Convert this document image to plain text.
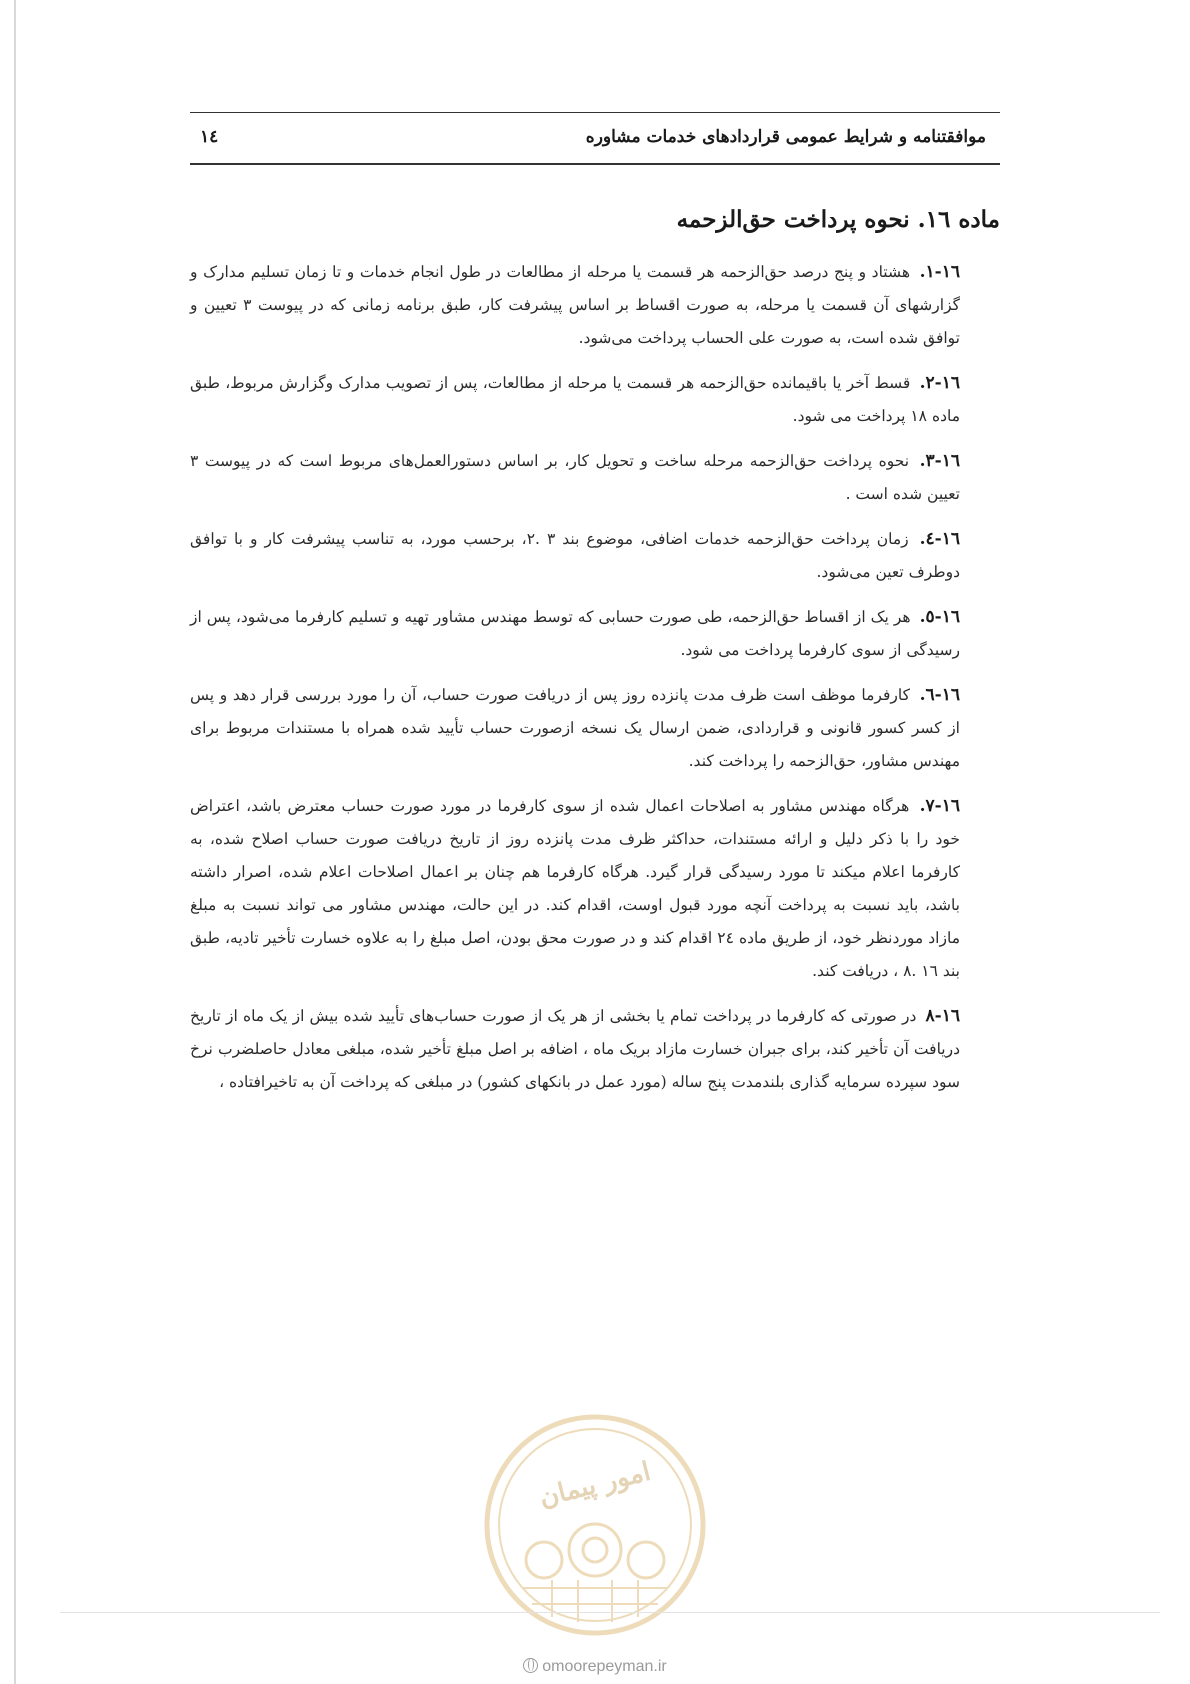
موافقتنامه و شرایط عمومی قراردادهای خدمات مشاوره
١٤
ماده ١٦. نحوه پرداخت حق‌الزحمه

١٦-١. هشتاد و پنج درصد حق‌الزحمه هر قسمت یا مرحله از مطالعات در طول انجام خدمات و تا زمان تسلیم مدارک و گزارشهای آن قسمت یا مرحله، به صورت اقساط بر اساس پیشرفت کار، طبق برنامه زمانی که در پیوست ٣ تعیین و توافق شده است، به صورت علی الحساب پرداخت می‌شود.

١٦-٢. قسط آخر یا باقیمانده حق‌الزحمه هر قسمت یا مرحله از مطالعات، پس از تصویب مدارک وگزارش مربوط، طبق ماده ١٨ پرداخت می شود.

١٦-٣. نحوه پرداخت حق‌الزحمه مرحله ساخت و تحویل کار، بر اساس دستورالعمل‌های مربوط است که در پیوست ٣ تعیین شده است .

١٦-٤. زمان پرداخت حق‌الزحمه خدمات اضافی، موضوع بند ٣ .٢، برحسب مورد، به تناسب پیشرفت کار و با توافق دوطرف تعین می‌شود.

١٦-٥. هر یک از اقساط حق‌الزحمه، طی صورت حسابی که توسط مهندس مشاور تهیه و تسلیم کارفرما می‌شود، پس از رسیدگی از سوی کارفرما پرداخت می شود.

١٦-٦. کارفرما موظف است ظرف مدت پانزده روز پس از دریافت صورت حساب، آن را مورد بررسی قرار دهد و پس از کسر کسور قانونی و قراردادی، ضمن ارسال یک نسخه ازصورت حساب تأیید شده همراه با مستندات مربوط برای مهندس مشاور، حق‌الزحمه را پرداخت کند.

١٦-٧. هرگاه مهندس مشاور به اصلاحات اعمال شده از سوی کارفرما در مورد صورت حساب معترض باشد، اعتراض خود را با ذکر دلیل و ارائه مستندات، حداکثر ظرف مدت پانزده روز از تاریخ دریافت صورت حساب اصلاح شده، به کارفرما اعلام میکند تا مورد رسیدگی قرار گیرد. هرگاه کارفرما هم چنان بر اعمال اصلاحات اعلام شده، اصرار داشته باشد، باید نسبت به پرداخت آنچه مورد قبول اوست، اقدام کند. در این حالت، مهندس مشاور می تواند نسبت به مبلغ مازاد موردنظر خود، از طریق ماده ٢٤ اقدام کند و در صورت محق بودن، اصل مبلغ را به علاوه خسارت تأخیر تادیه، طبق بند ١٦ .٨ ، دریافت کند.

١٦-٨ در صورتی که کارفرما در پرداخت تمام یا بخشی از هر یک از صورت حساب‌های تأیید شده بیش از یک ماه از تاریخ دریافت آن تأخیر کند، برای جبران خسارت مازاد بریک ماه ، اضافه بر اصل مبلغ تأخیر شده، مبلغی معادل حاصلضرب نرخ سود سپرده سرمایه گذاری بلندمدت پنج ساله (مورد عمل در بانکهای کشور) در مبلغی که پرداخت آن به تاخیرافتاده ،

امور پیمان
omoorepeyman.ir
